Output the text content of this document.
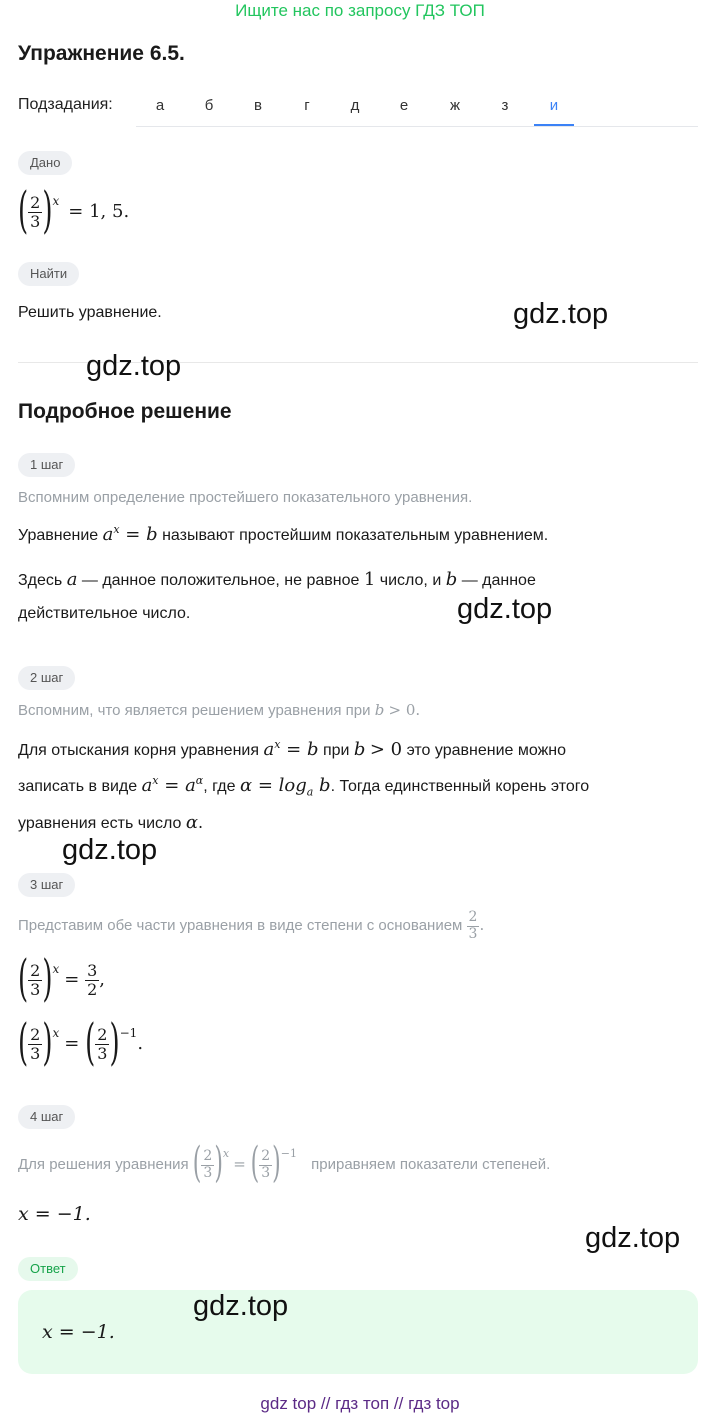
Ищите нас по запросу ГДЗ ТОП
Упражнение 6.5.
Подзадания:	а	б	в	г	д	е	ж	з	и
Дано
( $\frac{2}{3} )^x = 1$, 5.
Найти
Решить уравнение.	gdz.top
gdz.top
Подробное решение
1 шаг
Вспомним определение простейшего показательного уравнения.
Уравнение $a^x = b$ называют простейшим показательным уравнением.
Здесь a — данное положительное, не равное 1 число, и b — данное
действительное число.	gdz.top
2 шаг
Вспомним, что является решением уравнения при b > 0.
Для отыскания корня уравнения $a^x = b$ при b > 0 это уравнение можно
записать в виде $a^x = a^\alpha$, где $\alpha = \log_a b$. Тогда единственный корень этого
уравнения есть число α.
gdz.top
3 шаг
Представим обе части уравнения в виде степени с основанием $\frac{2}{3}$ .
( $\frac{2}{3} )^x = \frac{3}{2}$ ,
( $\frac{2}{3} )^x$ = ( $\frac{2}{3} )^{-1}$.
4 шаг
Для решения уравнения ( $\frac{2}{3} )^x$ = ( $\frac{2}{3} )^{-1}$ приравняем показатели степеней.
x = −1.
gdz.top
Ответ
x = −1.
gdz.top
gdz top // гдз топ // гдз top
